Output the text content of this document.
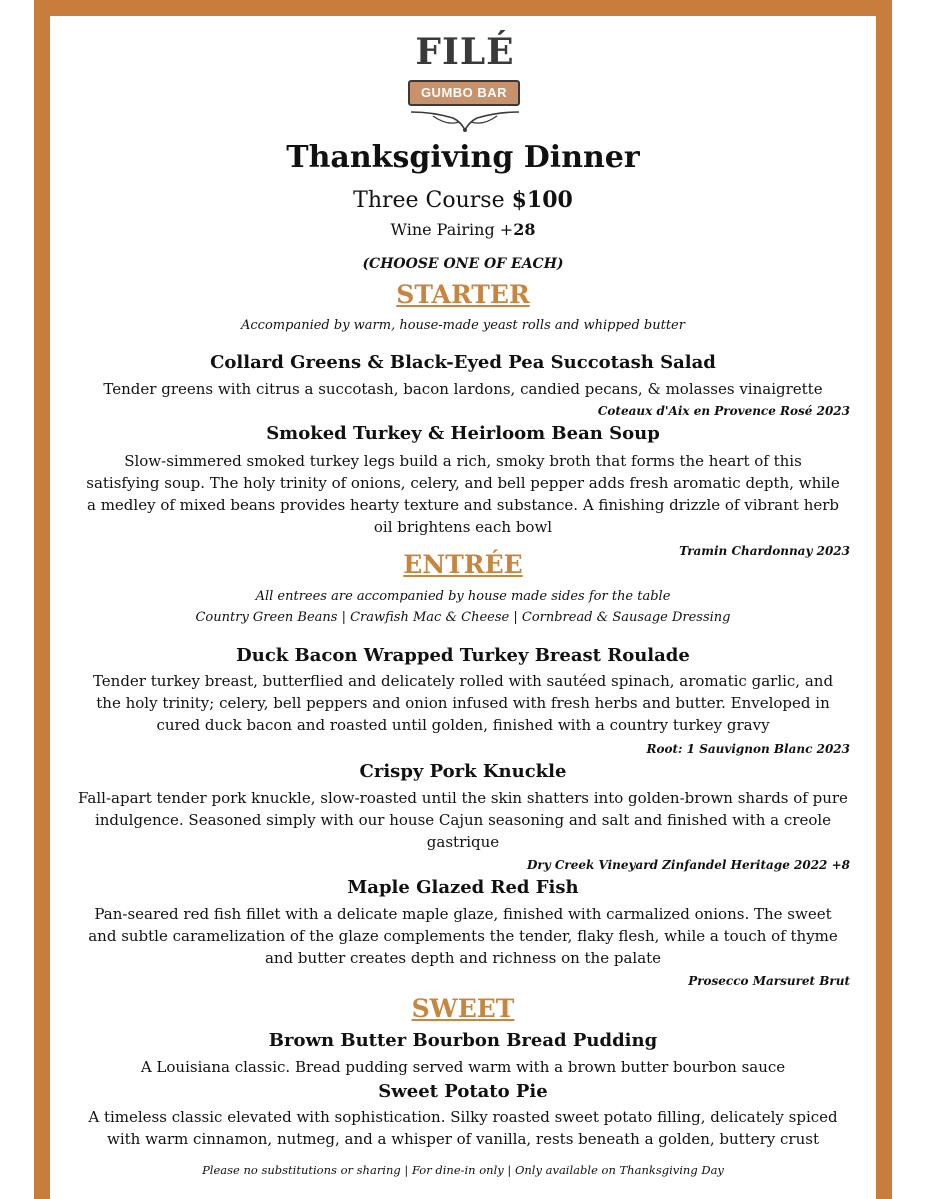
FILÉ
GUMBO BAR
Thanksgiving Dinner
Three Course $100
Wine Pairing +28
(CHOOSE ONE OF EACH)
STARTER
Accompanied by warm, house-made yeast rolls and whipped butter
Collard Greens & Black-Eyed Pea Succotash Salad
Tender greens with citrus a succotash, bacon lardons, candied pecans, & molasses vinaigrette
Coteaux d'Aix en Provence Rosé 2023
Smoked Turkey & Heirloom Bean Soup
Slow-simmered smoked turkey legs build a rich, smoky broth that forms the heart of this satisfying soup. The holy trinity of onions, celery, and bell pepper adds fresh aromatic depth, while a medley of mixed beans provides hearty texture and substance. A finishing drizzle of vibrant herb oil brightens each bowl
Tramin Chardonnay 2023
ENTRÉE
All entrees are accompanied by house made sides for the table
Country Green Beans | Crawfish Mac & Cheese | Cornbread & Sausage Dressing
Duck Bacon Wrapped Turkey Breast Roulade
Tender turkey breast, butterflied and delicately rolled with sautéed spinach, aromatic garlic, and the holy trinity; celery, bell peppers and onion infused with fresh herbs and butter. Enveloped in cured duck bacon and roasted until golden, finished with a country turkey gravy
Root: 1 Sauvignon Blanc 2023
Crispy Pork Knuckle
Fall-apart tender pork knuckle, slow-roasted until the skin shatters into golden-brown shards of pure indulgence. Seasoned simply with our house Cajun seasoning and salt and finished with a creole gastrique
Dry Creek Vineyard Zinfandel Heritage 2022 +8
Maple Glazed Red Fish
Pan-seared red fish fillet with a delicate maple glaze, finished with carmalized onions. The sweet and subtle caramelization of the glaze complements the tender, flaky flesh, while a touch of thyme and butter creates depth and richness on the palate
Prosecco Marsuret Brut
SWEET
Brown Butter Bourbon Bread Pudding
A Louisiana classic. Bread pudding served warm with a brown butter bourbon sauce
Sweet Potato Pie
A timeless classic elevated with sophistication. Silky roasted sweet potato filling, delicately spiced with warm cinnamon, nutmeg, and a whisper of vanilla, rests beneath a golden, buttery crust
Please no substitutions or sharing | For dine-in only | Only available on Thanksgiving Day
